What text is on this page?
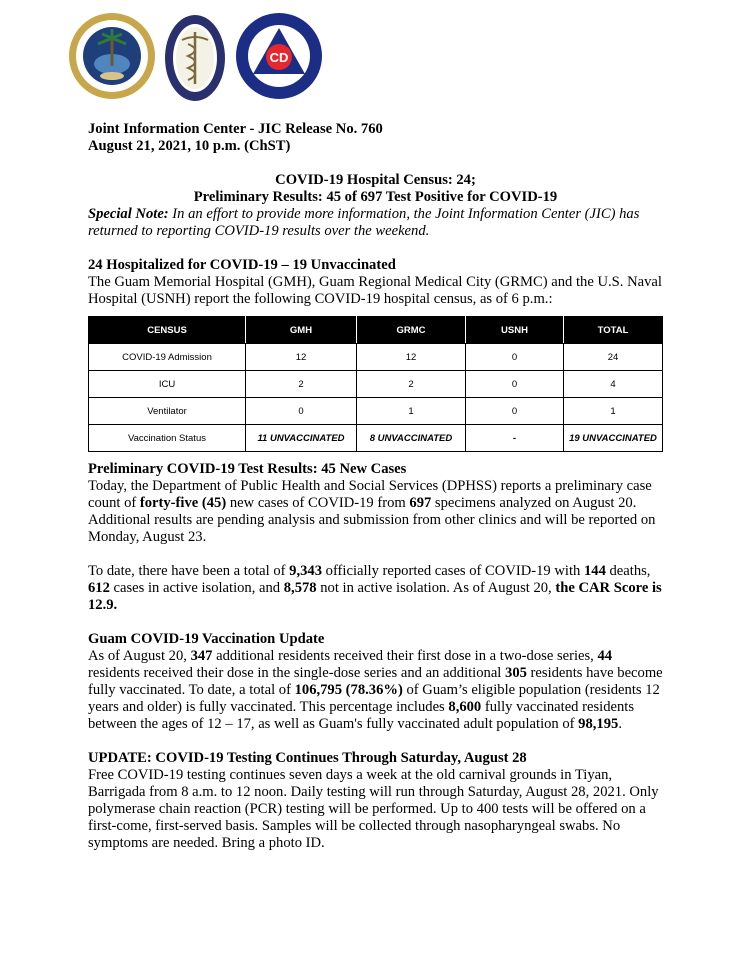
CD

Joint Information Center - JIC Release No. 760

August 21, 2021, 10 p.m. (ChST)

COVID-19 Hospital Census: 24;

Preliminary Results: 45 of 697 Test Positive for COVID-19

Special Note: In an effort to provide more information, the Joint Information Center (JIC) has returned to reporting COVID-19 results over the weekend.

24 Hospitalized for COVID-19 – 19 Unvaccinated

The Guam Memorial Hospital (GMH), Guam Regional Medical City (GRMC) and the U.S. Naval Hospital (USNH) report the following COVID-19 hospital census, as of 6 p.m.:

CENSUS	GMH	GRMC	USNH	TOTAL
COVID-19 Admission	12	12	0	24
ICU	2	2	0	4
Ventilator	0	1	0	1
Vaccination Status	11 UNVACCINATED	8 UNVACCINATED	-	19 UNVACCINATED

Preliminary COVID-19 Test Results: 45 New Cases

Today, the Department of Public Health and Social Services (DPHSS) reports a preliminary case count of forty-five (45) new cases of COVID-19 from 697 specimens analyzed on August 20. Additional results are pending analysis and submission from other clinics and will be reported on Monday, August 23.

To date, there have been a total of 9,343 officially reported cases of COVID-19 with 144 deaths, 612 cases in active isolation, and 8,578 not in active isolation. As of August 20, the CAR Score is 12.9.

Guam COVID-19 Vaccination Update

As of August 20, 347 additional residents received their first dose in a two-dose series, 44 residents received their dose in the single-dose series and an additional 305 residents have become fully vaccinated. To date, a total of 106,795 (78.36%) of Guam’s eligible population (residents 12 years and older) is fully vaccinated. This percentage includes 8,600 fully vaccinated residents between the ages of 12 – 17, as well as Guam's fully vaccinated adult population of 98,195.

UPDATE: COVID-19 Testing Continues Through Saturday, August 28

Free COVID-19 testing continues seven days a week at the old carnival grounds in Tiyan, Barrigada from 8 a.m. to 12 noon. Daily testing will run through Saturday, August 28, 2021. Only polymerase chain reaction (PCR) testing will be performed. Up to 400 tests will be offered on a first-come, first-served basis. Samples will be collected through nasopharyngeal swabs. No symptoms are needed. Bring a photo ID.
